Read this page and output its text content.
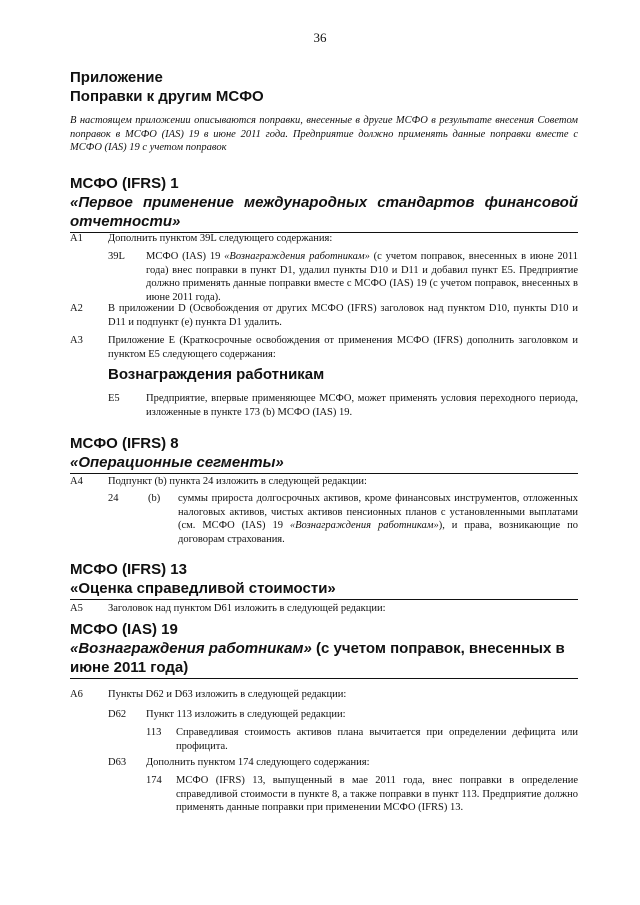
36
Приложение
Поправки к другим МСФО
В настоящем приложении описываются поправки, внесенные в другие МСФО в результате внесения Советом поправок в МСФО (IAS) 19 в июне 2011 года. Предприятие должно применять данные поправки вместе с МСФО (IAS) 19 с учетом поправок
МСФО (IFRS) 1
«Первое применение международных стандартов финансовой
отчетности»
A1 Дополнить пунктом 39L следующего содержания:
39L МСФО (IAS) 19 «Вознаграждения работникам» (с учетом поправок, внесенных в июне 2011 года) внес поправки в пункт D1, удалил пункты D10 и D11 и добавил пункт E5. Предприятие должно применять данные поправки вместе с МСФО (IAS) 19 (с учетом поправок, внесенных в июне 2011 года).
A2 В приложении D (Освобождения от других МСФО (IFRS) заголовок над пунктом D10, пункты D10 и D11 и подпункт (е) пункта D1 удалить.
A3 Приложение E (Краткосрочные освобождения от применения МСФО (IFRS) дополнить заголовком и пунктом E5 следующего содержания:
Вознаграждения работникам
E5	Предприятие, впервые применяющее МСФО, может применять условия переходного периода, изложенные в пункте 173 (b) МСФО (IAS) 19.
МСФО (IFRS) 8
«Операционные сегменты»
A4 Подпункт (b) пункта 24 изложить в следующей редакции:
24	(b) суммы прироста долгосрочных активов, кроме финансовых инструментов, отложенных налоговых активов, чистых активов пенсионных планов с установленными выплатами (см. МСФО (IAS) 19 «Вознаграждения работникам»), и права, возникающие по договорам страхования.
МСФО (IFRS) 13
«Оценка справедливой стоимости»
A5 Заголовок над пунктом D61 изложить в следующей редакции:
МСФО (IAS) 19
«Вознаграждения работникам» (с учетом поправок, внесенных в июне 2011 года)
A6 Пункты D62 и D63 изложить в следующей редакции:
D62 Пункт 113 изложить в следующей редакции:
113 Справедливая стоимость активов плана вычитается при определении дефицита или профицита.
D63 Дополнить пунктом 174 следующего содержания:
174 МСФО (IFRS) 13, выпущенный в мае 2011 года, внес поправки в определение справедливой стоимости в пункте 8, а также поправки в пункт 113. Предприятие должно применять данные поправки при применении МСФО (IFRS) 13.
